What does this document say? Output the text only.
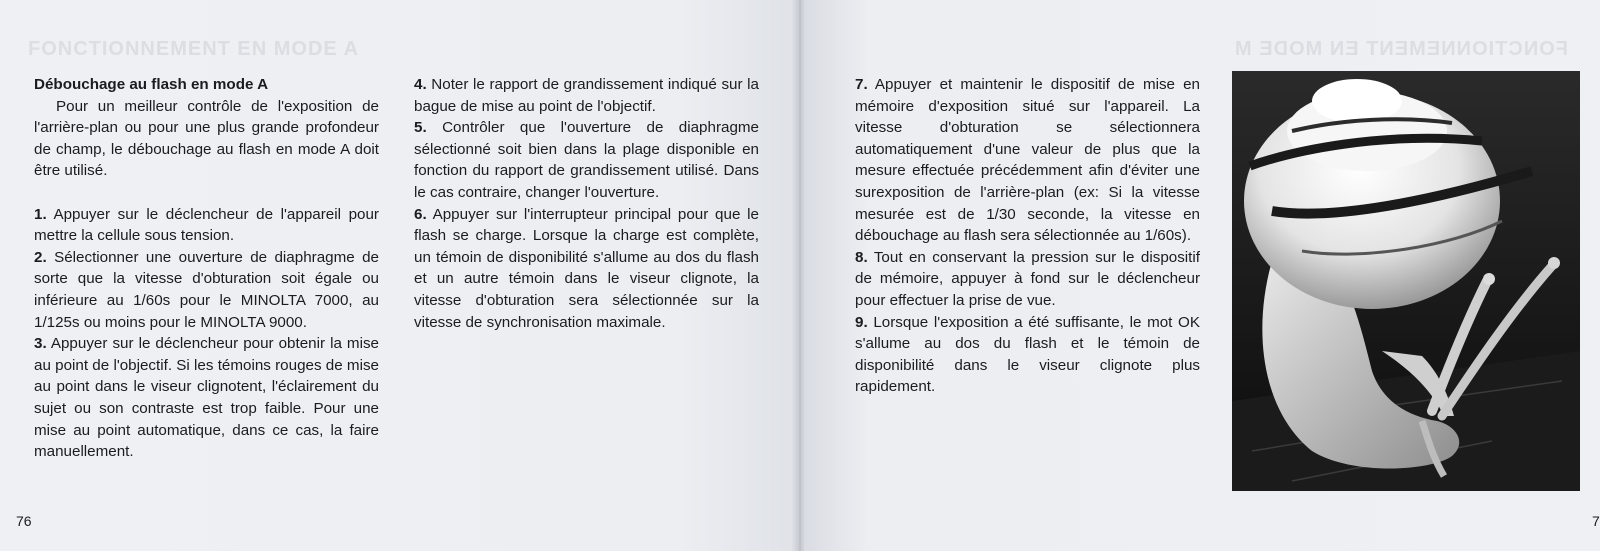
FONCTIONNEMENT EN MODE A
Débouchage au flash en mode A

Pour un meilleur contrôle de l'exposition de l'arrière-plan ou pour une plus grande profondeur de champ, le débouchage au flash en mode A doit être utilisé.

1. Appuyer sur le déclencheur de l'appareil pour mettre la cellule sous tension.

2. Sélectionner une ouverture de diaphragme de sorte que la vitesse d'obturation soit égale ou inférieure au 1/60s pour le MINOLTA 7000, au 1/125s ou moins pour le MINOLTA 9000.

3. Appuyer sur le déclencheur pour obtenir la mise au point de l'objectif. Si les témoins rouges de mise au point dans le viseur clignotent, l'éclairement du sujet ou son contraste est trop faible. Pour une mise au point automatique, dans ce cas, la faire manuellement.

4. Noter le rapport de grandissement indiqué sur la bague de mise au point de l'objectif.

5. Contrôler que l'ouverture de diaphragme sélectionné soit bien dans la plage disponible en fonction du rapport de grandissement utilisé. Dans le cas contraire, changer l'ouverture.

6. Appuyer sur l'interrupteur principal pour que le flash se charge. Lorsque la charge est complète, un témoin de disponibilité s'allume au dos du flash et un autre témoin dans le viseur clignote, la vitesse d'obturation sera sélectionnée sur la vitesse de synchronisation maximale.

76
FONCTIONNEMENT EN MODE M

7. Appuyer et maintenir le dispositif de mise en mémoire d'exposition situé sur l'appareil. La vitesse d'obturation se sélectionnera automatiquement d'une valeur de plus que la mesure effectuée précédemment afin d'éviter une surexposition de l'arrière-plan (ex: Si la vitesse mesurée est de 1/30 seconde, la vitesse en débouchage au flash sera sélectionnée au 1/60s).

8. Tout en conservant la pression sur le dispositif de mémoire, appuyer à fond sur le déclencheur pour effectuer la prise de vue.

9. Lorsque l'exposition a été suffisante, le mot OK s'allume au dos du flash et le témoin de disponibilité dans le viseur clignote plus rapidement.

7
